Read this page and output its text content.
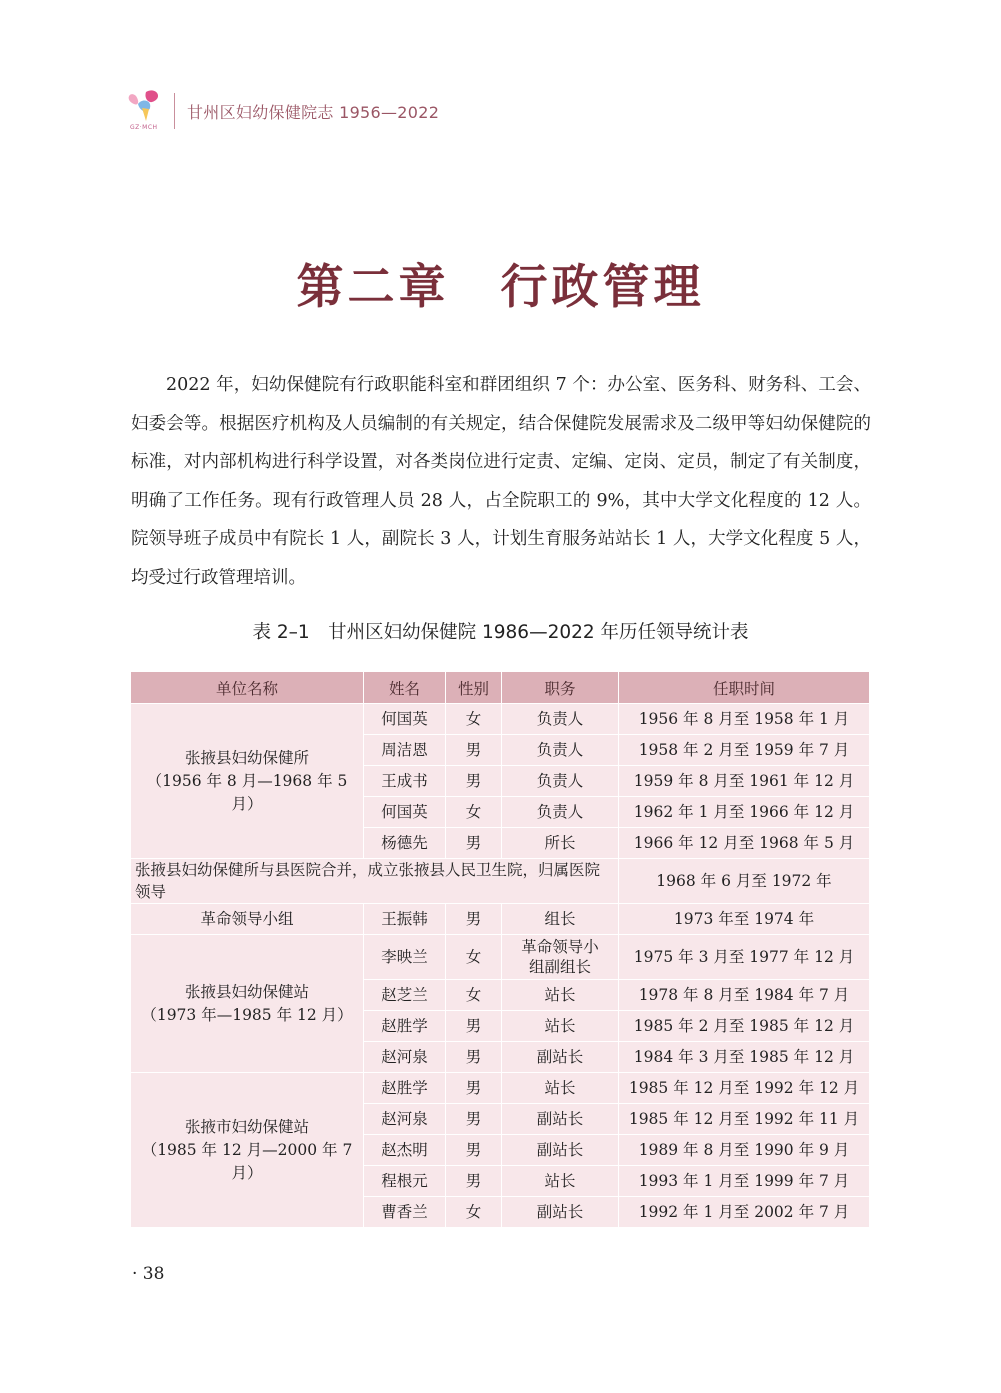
GZ·MCH
甘州区妇幼保健院志 1956—2022
第二章　行政管理

2022 年，妇幼保健院有行政职能科室和群团组织 7 个：办公室、医务科、财务科、工会、妇委会等。根据医疗机构及人员编制的有关规定，结合保健院发展需求及二级甲等妇幼保健院的标准，对内部机构进行科学设置，对各类岗位进行定责、定编、定岗、定员，制定了有关制度，明确了工作任务。现有行政管理人员 28 人，占全院职工的 9%，其中大学文化程度的 12 人。院领导班子成员中有院长 1 人，副院长 3 人，计划生育服务站站长 1 人，大学文化程度 5 人，均受过行政管理培训。

表 2–1　甘州区妇幼保健院 1986—2022 年历任领导统计表
单位名称	姓名	性别	职务	任职时间

张掖县妇幼保健所
（1956 年 8 月—1968 年 5 月）	何国英	女	负责人	1956 年 8 月至 1958 年 1 月
	周洁恩	男	负责人	1958 年 2 月至 1959 年 7 月
	王成书	男	负责人	1959 年 8 月至 1961 年 12 月
	何国英	女	负责人	1962 年 1 月至 1966 年 12 月
	杨德先	男	所长	1966 年 12 月至 1968 年 5 月
张掖县妇幼保健所与县医院合并，成立张掖县人民卫生院，归属医院领导				1968 年 6 月至 1972 年
革命领导小组	王振韩	男	组长	1973 年至 1974 年

张掖县妇幼保健站
（1973 年—1985 年 12 月）	李映兰	女	革命领导小组副组长	1975 年 3 月至 1977 年 12 月
	赵芝兰	女	站长	1978 年 8 月至 1984 年 7 月
	赵胜学	男	站长	1985 年 2 月至 1985 年 12 月
	赵河泉	男	副站长	1984 年 3 月至 1985 年 12 月

张掖市妇幼保健站
（1985 年 12 月—2000 年 7 月）	赵胜学	男	站长	1985 年 12 月至 1992 年 12 月
	赵河泉	男	副站长	1985 年 12 月至 1992 年 11 月
	赵杰明	男	副站长	1989 年 8 月至 1990 年 9 月
	程根元	男	站长	1993 年 1 月至 1999 年 7 月
	曹香兰	女	副站长	1992 年 1 月至 2002 年 7 月
· 38
